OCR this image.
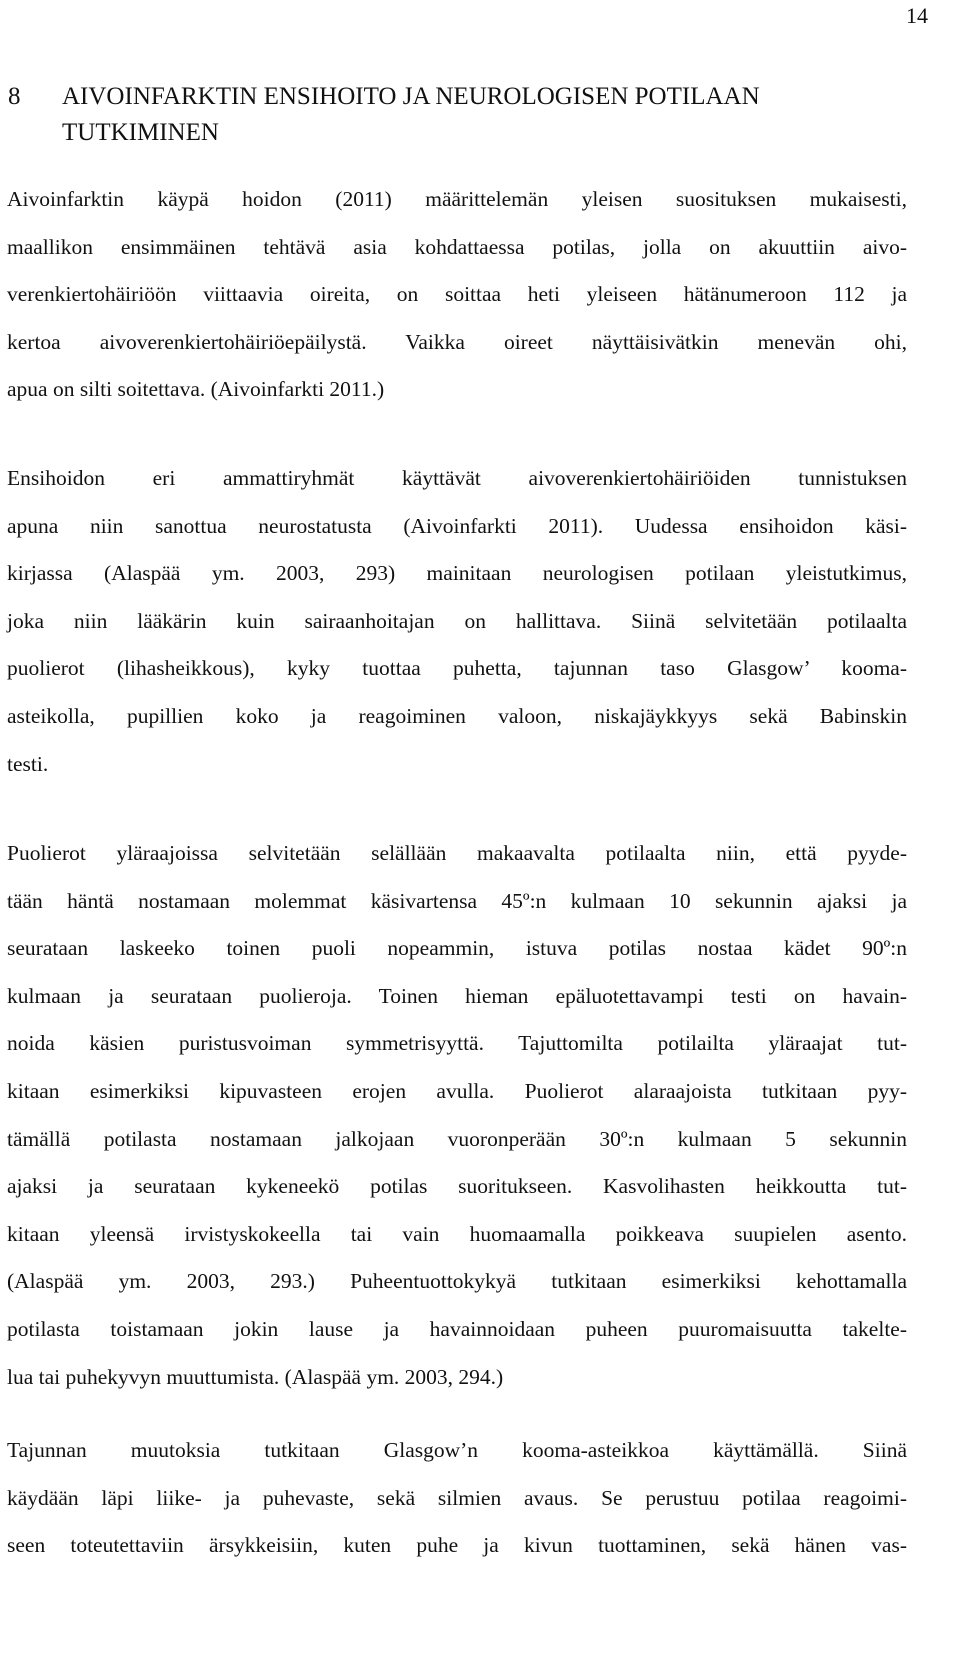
14
8 AIVOINFARKTIN ENSIHOITO JA NEUROLOGISEN POTILAAN
TUTKIMINEN
Aivoinfarktin käypä hoidon (2011) määrittelemän yleisen suosituksen mukaisesti,
maallikon ensimmäinen tehtävä asia kohdattaessa potilas, jolla on akuuttiin aivo-
verenkiertohäiriöön viittaavia oireita, on soittaa heti yleiseen hätänumeroon 112 ja
kertoa aivoverenkiertohäiriöepäilystä. Vaikka oireet näyttäisivätkin menevän ohi,
apua on silti soitettava. (Aivoinfarkti 2011.)
Ensihoidon eri ammattiryhmät käyttävät aivoverenkiertohäiriöiden tunnistuksen
apuna niin sanottua neurostatusta (Aivoinfarkti 2011). Uudessa ensihoidon käsi-
kirjassa (Alaspää ym. 2003, 293) mainitaan neurologisen potilaan yleistutkimus,
joka niin lääkärin kuin sairaanhoitajan on hallittava. Siinä selvitetään potilaalta
puolierot (lihasheikkous), kyky tuottaa puhetta, tajunnan taso Glasgow’ kooma-
asteikolla, pupillien koko ja reagoiminen valoon, niskajäykkyys sekä Babinskin
testi.
Puolierot yläraajoissa selvitetään selällään makaavalta potilaalta niin, että pyyde-
tään häntä nostamaan molemmat käsivartensa 45º:n kulmaan 10 sekunnin ajaksi ja
seurataan laskeeko toinen puoli nopeammin, istuva potilas nostaa kädet 90º:n
kulmaan ja seurataan puolieroja. Toinen hieman epäluotettavampi testi on havain-
noida käsien puristusvoiman symmetrisyyttä. Tajuttomilta potilailta yläraajat tut-
kitaan esimerkiksi kipuvasteen erojen avulla. Puolierot alaraajoista tutkitaan pyy-
tämällä potilasta nostamaan jalkojaan vuoronperään 30º:n kulmaan 5 sekunnin
ajaksi ja seurataan kykeneekö potilas suoritukseen. Kasvolihasten heikkoutta tut-
kitaan yleensä irvistyskokeella tai vain huomaamalla poikkeava suupielen asento.
(Alaspää ym. 2003, 293.) Puheentuottokykyä tutkitaan esimerkiksi kehottamalla
potilasta toistamaan jokin lause ja havainnoidaan puheen puuromaisuutta takelte-
lua tai puhekyvyn muuttumista. (Alaspää ym. 2003, 294.)
Tajunnan muutoksia tutkitaan Glasgow’n kooma-asteikkoa käyttämällä. Siinä
käydään läpi liike- ja puhevaste, sekä silmien avaus. Se perustuu potilaa reagoimi-
seen toteutettaviin ärsykkeisiin, kuten puhe ja kivun tuottaminen, sekä hänen vas-
